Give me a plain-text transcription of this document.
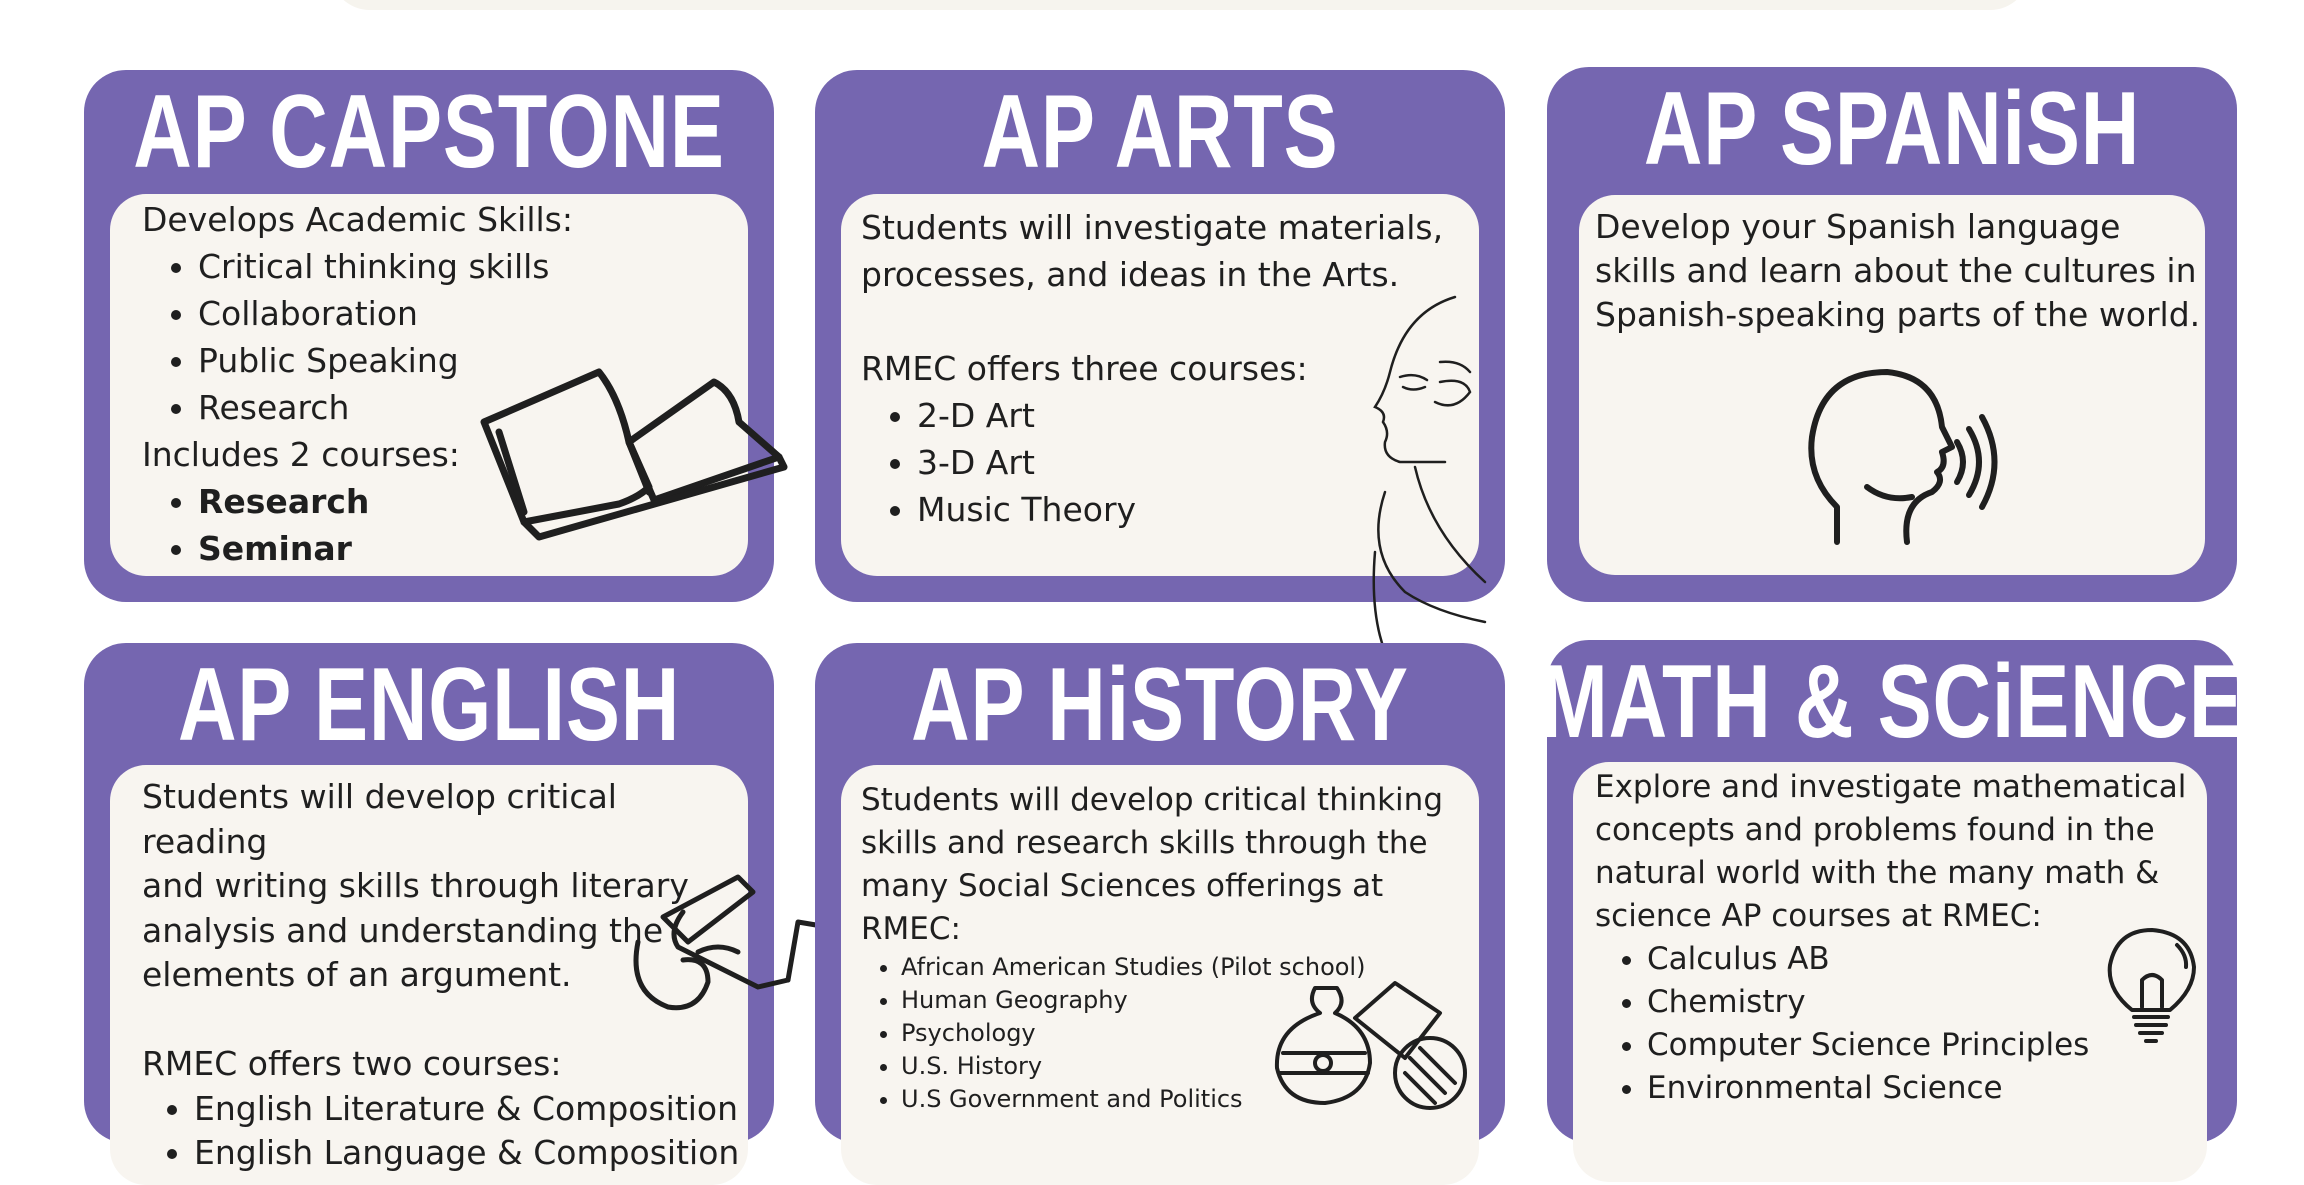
AP CAPSTONE

Develops Academic Skills:

• Critical thinking skills
• Collaboration
• Public Speaking
• Research

Includes 2 courses:

• Research
• Seminar
AP ARTS

Students will investigate materials,

processes, and ideas in the Arts.

RMEC offers three courses:

• 2-D Art
• 3-D Art
• Music Theory
AP SPANiSH

Develop your Spanish language

skills and learn about the cultures in

Spanish-speaking parts of the world.

AP ENGLISH

Students will develop critical reading

and writing skills through literary

analysis and understanding the

elements of an argument.

RMEC offers two courses:

• English Literature & Composition
• English Language & Composition
AP HiSTORY

Students will develop critical thinking

skills and research skills through the

many Social Sciences offerings at

RMEC:

• African American Studies (Pilot school)
• Human Geography
• Psychology
• U.S. History
• U.S Government and Politics
MATH & SCiENCE

Explore and investigate mathematical

concepts and problems found in the

natural world with the many math &

science AP courses at RMEC:

• Calculus AB
• Chemistry
• Computer Science Principles
• Environmental Science
